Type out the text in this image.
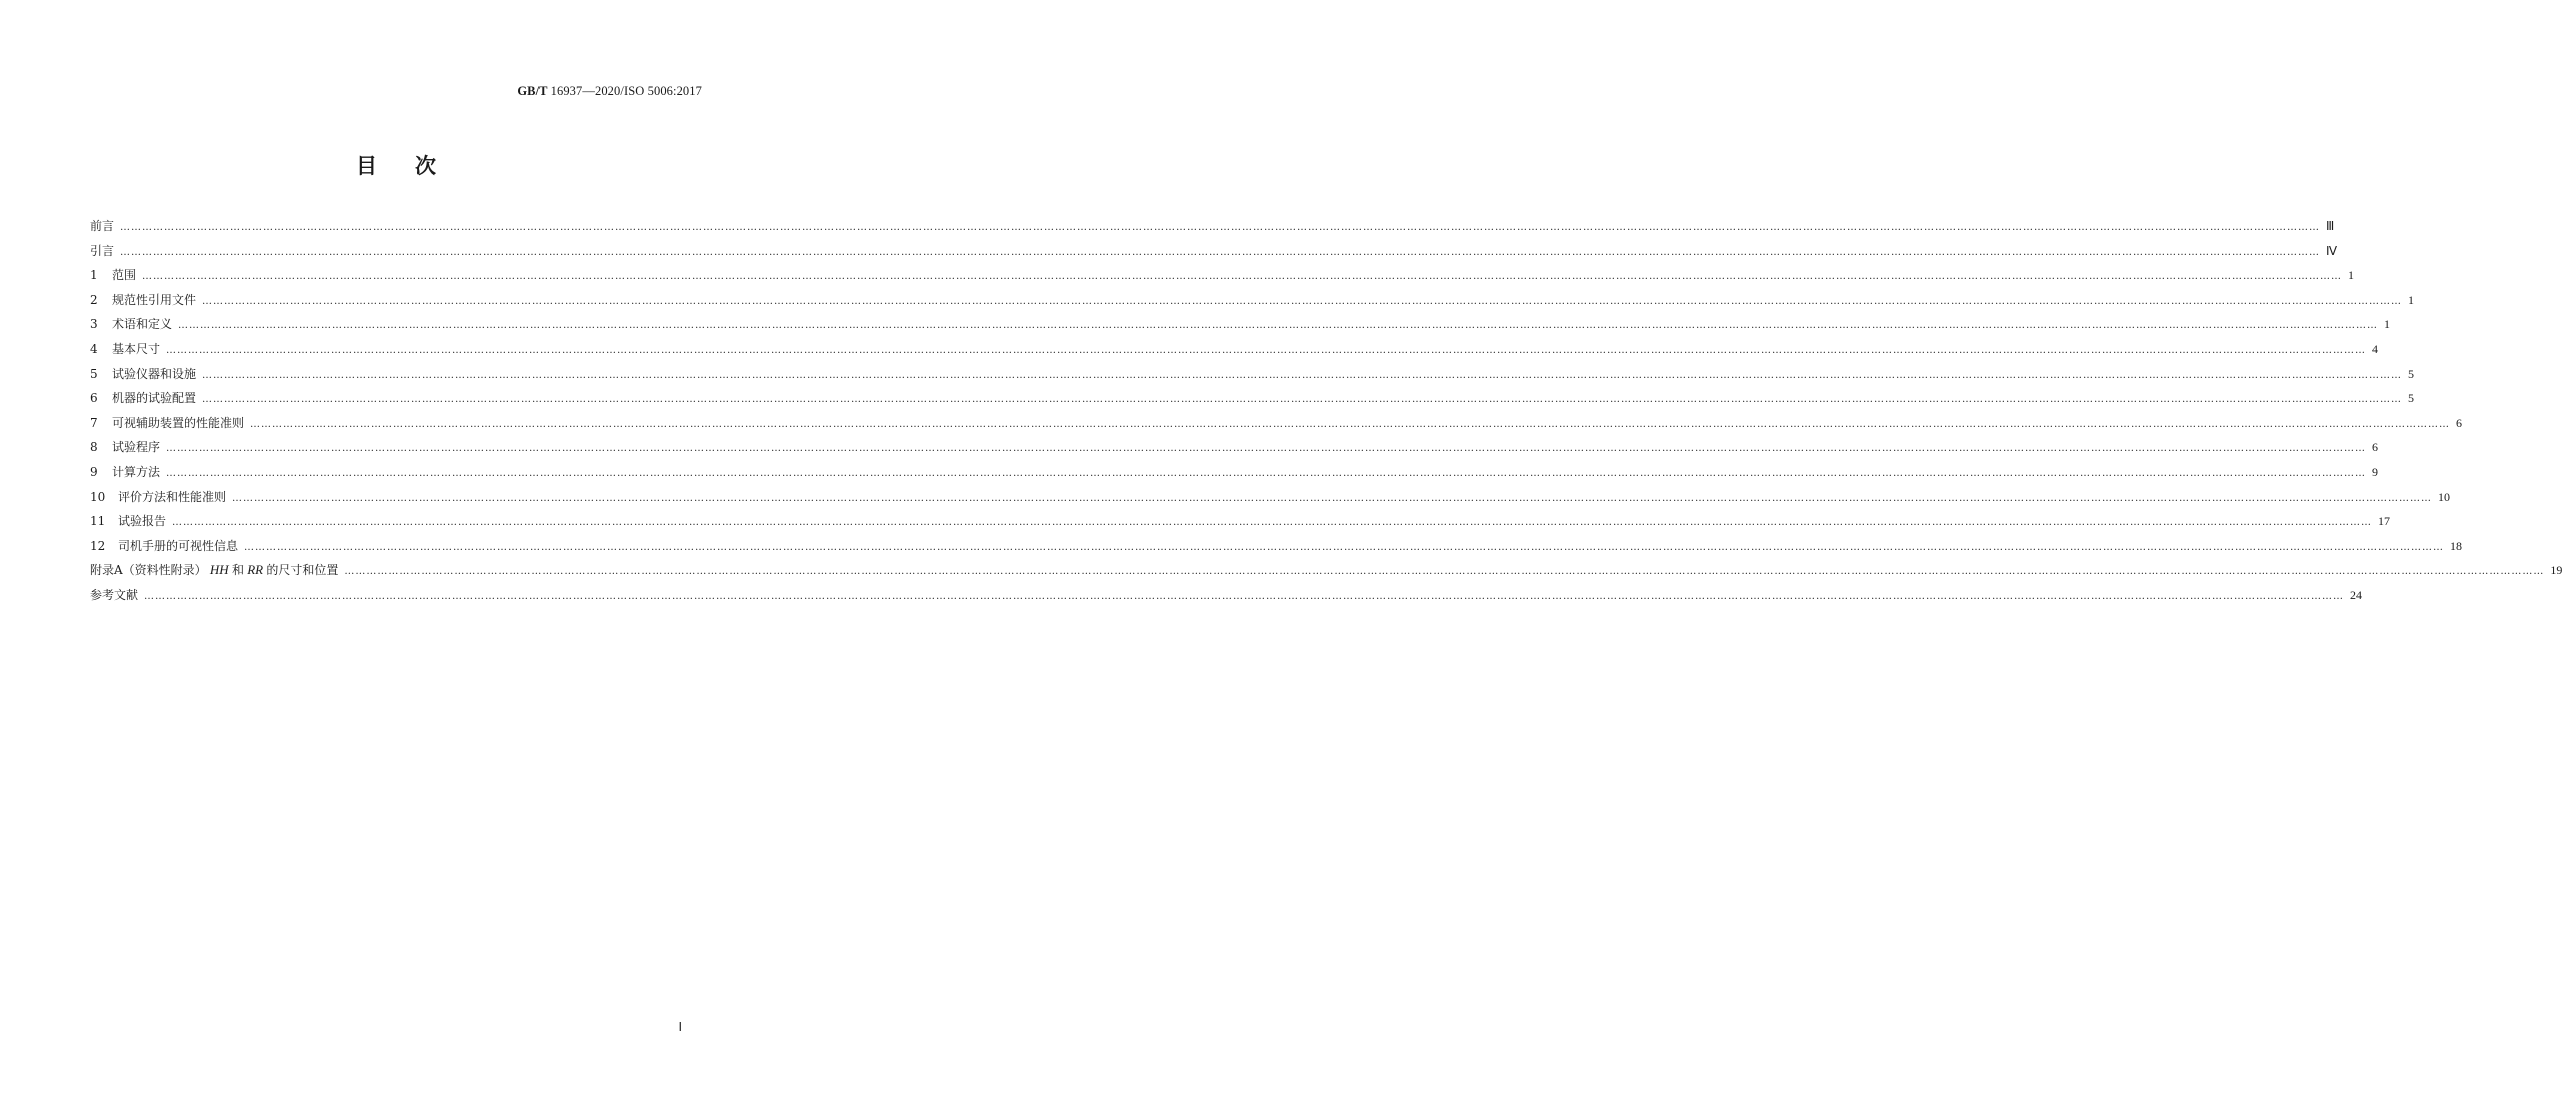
GB/T 16937—2020/ISO 5006:2017
目次
前言 …………………………………………………………………………………………………………………………………………………………………………………………………………………………………………………………………………………………………………………………………………………………………………………………………………………………………………………………………………………………………………………………………………………… Ⅲ
引言 …………………………………………………………………………………………………………………………………………………………………………………………………………………………………………………………………………………………………………………………………………………………………………………………………………………………………………………………………………………………………………………………………………………… Ⅳ
1	范围 …………………………………………………………………………………………………………………………………………………………………………………………………………………………………………………………………………………………………………………………………………………………………………………………………………………………………………………………………………………………………………………………………………………… 1
2	规范性引用文件 …………………………………………………………………………………………………………………………………………………………………………………………………………………………………………………………………………………………………………………………………………………………………………………………………………………………………………………………………………………………………………………………………………………… 1
3	术语和定义 …………………………………………………………………………………………………………………………………………………………………………………………………………………………………………………………………………………………………………………………………………………………………………………………………………………………………………………………………………………………………………………………………………………… 1
4	基本尺寸 …………………………………………………………………………………………………………………………………………………………………………………………………………………………………………………………………………………………………………………………………………………………………………………………………………………………………………………………………………………………………………………………………………………… 4
5	试验仪器和设施 …………………………………………………………………………………………………………………………………………………………………………………………………………………………………………………………………………………………………………………………………………………………………………………………………………………………………………………………………………………………………………………………………………………… 5
6	机器的试验配置 …………………………………………………………………………………………………………………………………………………………………………………………………………………………………………………………………………………………………………………………………………………………………………………………………………………………………………………………………………………………………………………………………………………… 5
7	可视辅助装置的性能准则 …………………………………………………………………………………………………………………………………………………………………………………………………………………………………………………………………………………………………………………………………………………………………………………………………………………………………………………………………………………………………………………………………………………… 6
8	试验程序 …………………………………………………………………………………………………………………………………………………………………………………………………………………………………………………………………………………………………………………………………………………………………………………………………………………………………………………………………………………………………………………………………………………… 6
9	计算方法 …………………………………………………………………………………………………………………………………………………………………………………………………………………………………………………………………………………………………………………………………………………………………………………………………………………………………………………………………………………………………………………………………………………… 9
10	评价方法和性能准则 …………………………………………………………………………………………………………………………………………………………………………………………………………………………………………………………………………………………………………………………………………………………………………………………………………………………………………………………………………………………………………………………………………………… 10
11	试验报告 …………………………………………………………………………………………………………………………………………………………………………………………………………………………………………………………………………………………………………………………………………………………………………………………………………………………………………………………………………………………………………………………………………………… 17
12	司机手册的可视性信息 …………………………………………………………………………………………………………………………………………………………………………………………………………………………………………………………………………………………………………………………………………………………………………………………………………………………………………………………………………………………………………………………………………………… 18
附录A（资料性附录） HH 和 RR 的尺寸和位置 …………………………………………………………………………………………………………………………………………………………………………………………………………………………………………………………………………………………………………………………………………………………………………………………………………………………………………………………………………………………………………………………………………………… 19
参考文献 …………………………………………………………………………………………………………………………………………………………………………………………………………………………………………………………………………………………………………………………………………………………………………………………………………………………………………………………………………………………………………………………………………………… 24
Ⅰ
